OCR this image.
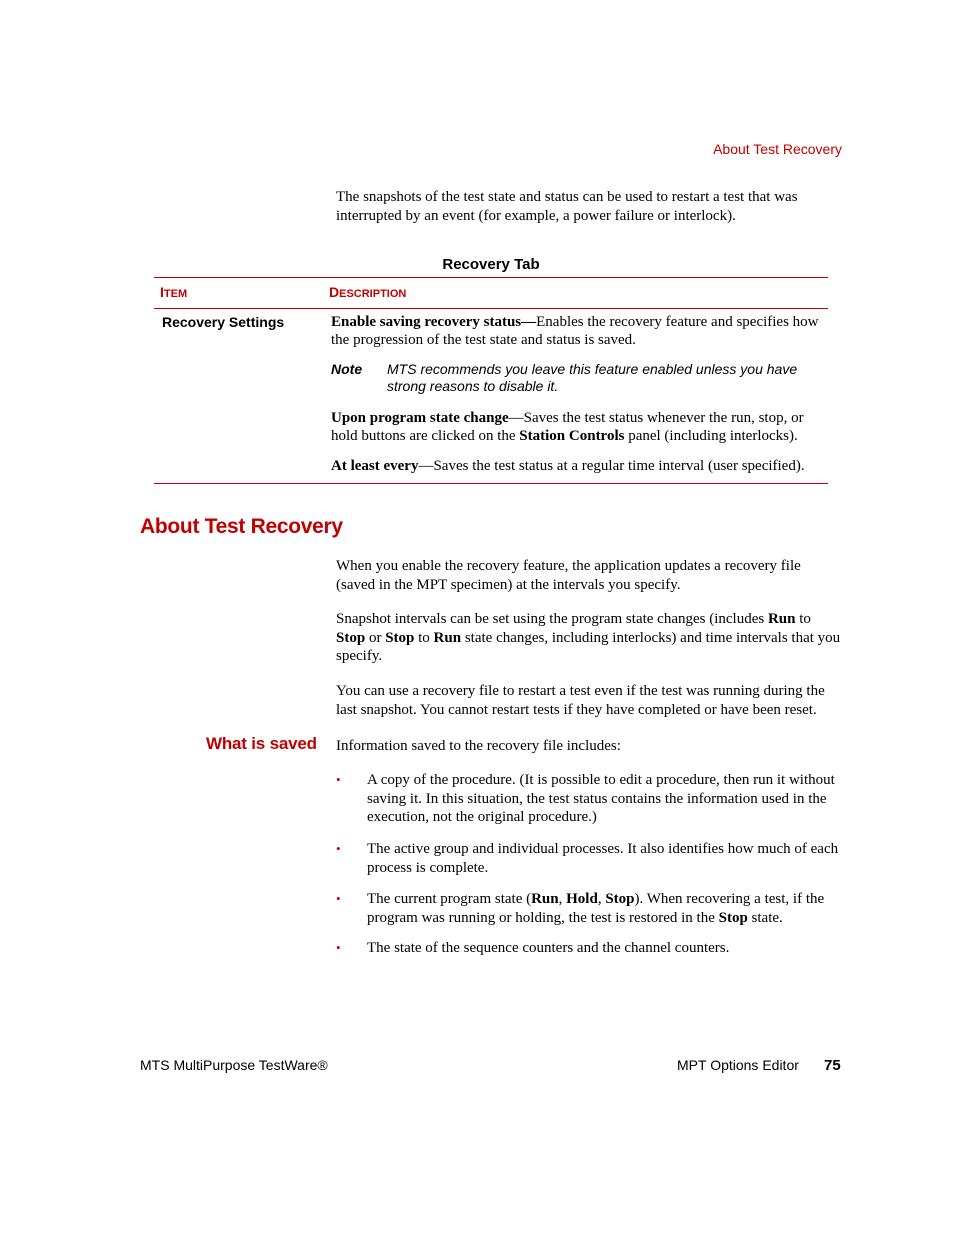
About Test Recovery

The snapshots of the test state and status can be used to restart a test that was interrupted by an event (for example, a power failure or interlock).

Recovery Tab
ITEM	DESCRIPTION
Recovery Settings	Enable saving recovery status—Enables the recovery feature and specifies how the progression of the test state and status is saved.

Note MTS recommends you leave this feature enabled unless you have strong reasons to disable it.

Upon program state change—Saves the test status whenever the run, stop, or hold buttons are clicked on the Station Controls panel (including interlocks).

At least every—Saves the test status at a regular time interval (user specified).

About Test Recovery

When you enable the recovery feature, the application updates a recovery file (saved in the MPT specimen) at the intervals you specify.

Snapshot intervals can be set using the program state changes (includes Run to Stop or Stop to Run state changes, including interlocks) and time intervals that you specify.

You can use a recovery file to restart a test even if the test was running during the last snapshot. You cannot restart tests if they have completed or have been reset.

What is saved Information saved to the recovery file includes:

• A copy of the procedure. (It is possible to edit a procedure, then run it without saving it. In this situation, the test status contains the information used in the execution, not the original procedure.)

• The active group and individual processes. It also identifies how much of each process is complete.

• The current program state (Run, Hold, Stop). When recovering a test, if the program was running or holding, the test is restored in the Stop state.

• The state of the sequence counters and the channel counters.

MTS MultiPurpose TestWare®	MPT Options Editor 75
